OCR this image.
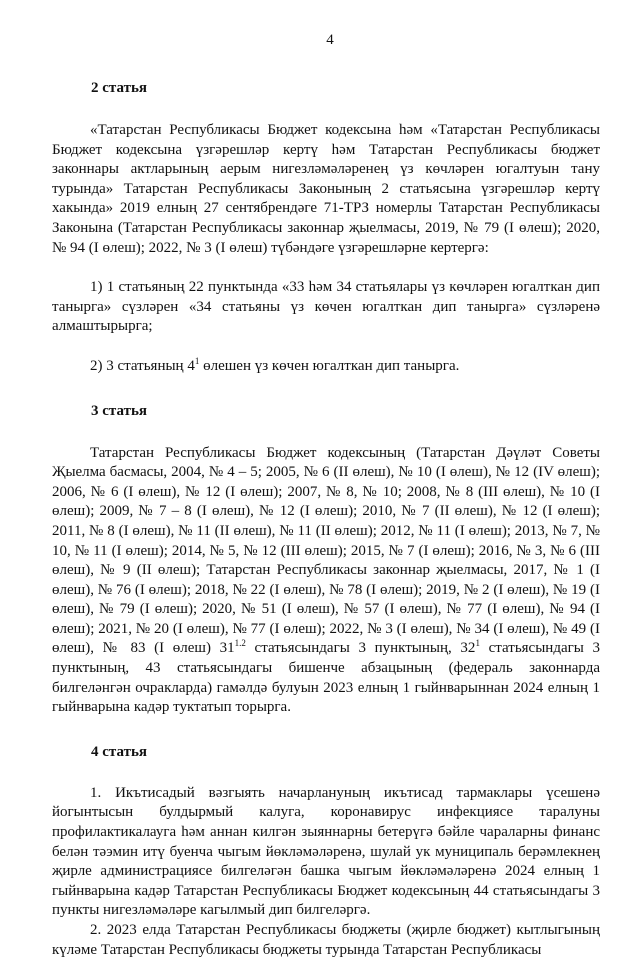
4
2 статья

«Татарстан Республикасы Бюджет кодексына һәм «Татарстан Республикасы Бюджет кодексына үзгәрешләр кертү һәм Татарстан Республикасы бюджет законнары актларының аерым нигезләмәләренең үз көчләрен югалтуын тану турында» Татарстан Республикасы Законының 2 статьясына үзгәрешләр кертү хакында» 2019 елның 27 сентябрендәге 71-ТРЗ номерлы Татарстан Республикасы Законына (Татарстан Республикасы законнар җыелмасы, 2019, № 79 (I өлеш); 2020, № 94 (I өлеш); 2022, № 3 (I өлеш) түбәндәге үзгәрешләрне кертергә:

1) 1 статьяның 22 пунктында «33 һәм 34 статьялары үз көчләрен югалткан дип танырга» сүзләрен «34 статьяны үз көчен югалткан дип танырга» сүзләренә алмаштырырга;

2) 3 статьяның $4^1$ өлешен үз көчен югалткан дип танырга.

3 статья

Татарстан Республикасы Бюджет кодексының (Татарстан Дәүләт Советы Җыелма басмасы, 2004, № 4 – 5; 2005, № 6 (II өлеш), № 10 (I өлеш), № 12 (IV өлеш); 2006, № 6 (I өлеш), № 12 (I өлеш); 2007, № 8, № 10; 2008, № 8 (III өлеш), № 10 (I өлеш); 2009, № 7 – 8 (I өлеш), № 12 (I өлеш); 2010, № 7 (II өлеш), № 12 (I өлеш); 2011, № 8 (I өлеш), № 11 (II өлеш), № 11 (II өлеш); 2012, № 11 (I өлеш); 2013, № 7, № 10, № 11 (I өлеш); 2014, № 5, № 12 (III өлеш); 2015, № 7 (I өлеш); 2016, № 3, № 6 (III өлеш), № 9 (II өлеш); Татарстан Республикасы законнар җыелмасы, 2017, № 1 (I өлеш), № 76 (I өлеш); 2018, № 22 (I өлеш), № 78 (I өлеш); 2019, № 2 (I өлеш), № 19 (I өлеш), № 79 (I өлеш); 2020, № 51 (I өлеш), № 57 (I өлеш), № 77 (I өлеш), № 94 (I өлеш); 2021, № 20 (I өлеш), № 77 (I өлеш); 2022, № 3 (I өлеш), № 34 (I өлеш), № 49 (I өлеш), № 83 (I өлеш) $31^{1.2}$ статьясындагы 3 пунктының, $32^1$ статьясындагы 3 пунктының, 43 статьясындагы бишенче абзацының (федераль законнарда билгеләнгән очракларда) гамәлдә булуын 2023 елның 1 гыйнварыннан 2024 елның 1 гыйнварына кадәр туктатып торырга.

4 статья

1. Икътисадый вәзгыять начарлануның икътисад тармаклары үсешенә йогынтысын булдырмый калуга, коронавирус инфекциясе таралуны профилактикалауга һәм аннан килгән зыяннарны бетерүгә бәйле чараларны финанс белән тәэмин итү буенча чыгым йөкләмәләренә, шулай ук муниципаль берәмлекнең җирле администрациясе билгеләгән башка чыгым йөкләмәләренә 2024 елның 1 гыйнварына кадәр Татарстан Республикасы Бюджет кодексының 44 статьясындагы 3 пункты нигезләмәләре кагылмый дип билгеләргә.

2. 2023 елда Татарстан Республикасы бюджеты (җирле бюджет) кытлыгының күләме Татарстан Республикасы бюджеты турында Татарстан Республикасы
